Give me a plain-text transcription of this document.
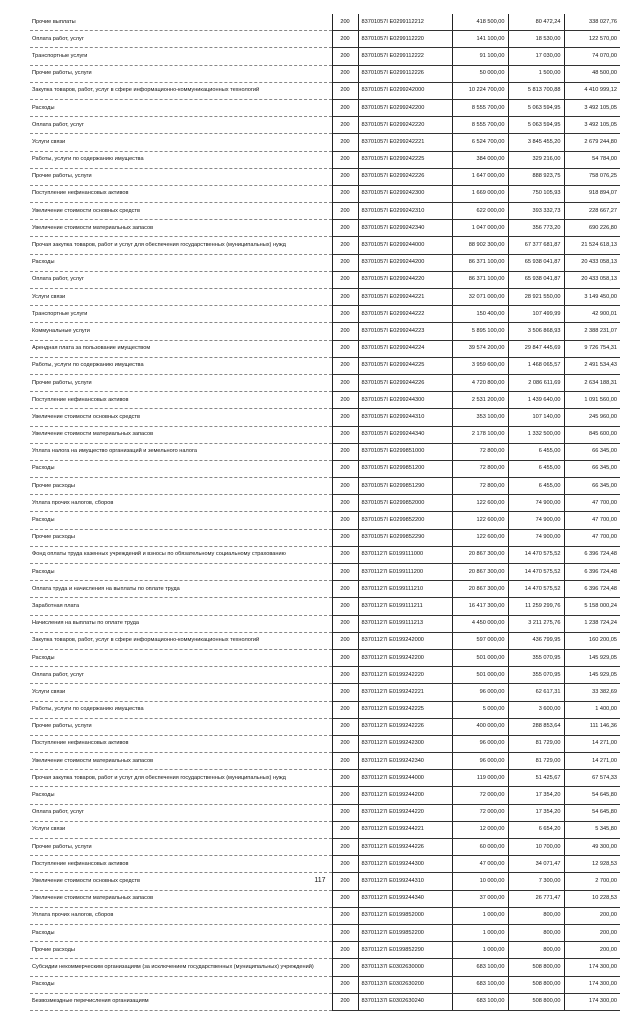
Прочие выплаты	200	83701057I E0299112212	418 500,00	80 472,24	338 027,76

Оплата работ, услуг	200	83701057I E0299112220	141 100,00	18 530,00	122 570,00

Транспортные услуги	200	83701057I E0299112222	91 100,00	17 030,00	74 070,00

Прочие работы, услуги	200	83701057I E0299112226	50 000,00	1 500,00	48 500,00

Закупка товаров, работ, услуг в сфере информационно-коммуникационных технологий	200	83701057I E0299242000	10 224 700,00	5 813 700,88	4 410 999,12

Расходы	200	83701057I E0299242200	8 555 700,00	5 063 594,95	3 492 105,05

Оплата работ, услуг	200	83701057I E0299242220	8 555 700,00	5 063 594,95	3 492 105,05

Услуги связи	200	83701057I E0299242221	6 524 700,00	3 845 455,20	2 679 244,80

Работы, услуги по содержанию имущества	200	83701057I E0299242225	384 000,00	329 216,00	54 784,00

Прочие работы, услуги	200	83701057I E0299242226	1 647 000,00	888 923,75	758 076,25

Поступление нефинансовых активов	200	83701057I E0299242300	1 669 000,00	750 105,93	918 894,07

Увеличение стоимости основных средств	200	83701057I E0299242310	622 000,00	393 332,73	228 667,27

Увеличение стоимости материальных запасов	200	83701057I E0299242340	1 047 000,00	356 773,20	690 226,80

Прочая закупка товаров, работ и услуг для обеспечения государственных (муниципальных) нужд	200	83701057I E0299244000	88 902 300,00	67 377 681,87	21 524 618,13

Расходы	200	83701057I E0299244200	86 371 100,00	65 938 041,87	20 433 058,13

Оплата работ, услуг	200	83701057I E0299244220	86 371 100,00	65 938 041,87	20 433 058,13

Услуги связи	200	83701057I E0299244221	32 071 000,00	28 921 550,00	3 149 450,00

Транспортные услуги	200	83701057I E0299244222	150 400,00	107 499,99	42 900,01

Коммунальные услуги	200	83701057I E0299244223	5 895 100,00	3 506 868,93	2 388 231,07

Арендная плата за пользование имуществом	200	83701057I E0299244224	39 574 200,00	29 847 445,69	9 726 754,31

Работы, услуги по содержанию имущества	200	83701057I E0299244225	3 959 600,00	1 468 065,57	2 491 534,43

Прочие работы, услуги	200	83701057I E0299244226	4 720 800,00	2 086 611,69	2 634 188,31

Поступление нефинансовых активов	200	83701057I E0299244300	2 531 200,00	1 439 640,00	1 091 560,00

Увеличение стоимости основных средств	200	83701057I E0299244310	353 100,00	107 140,00	245 960,00

Увеличение стоимости материальных запасов	200	83701057I E0299244340	2 178 100,00	1 332 500,00	845 600,00

Уплата налога на имущество организаций и земельного налога	200	83701057I E0299851000	72 800,00	6 455,00	66 345,00

Расходы	200	83701057I E0299851200	72 800,00	6 455,00	66 345,00

Прочие расходы	200	83701057I E0299851290	72 800,00	6 455,00	66 345,00

Уплата прочих налогов, сборов	200	83701057I E0299852000	122 600,00	74 900,00	47 700,00

Расходы	200	83701057I E0299852200	122 600,00	74 900,00	47 700,00

Прочие расходы	200	83701057I E0299852290	122 600,00	74 900,00	47 700,00

Фонд оплаты труда казенных учреждений и взносы по обязательному социальному страхованию	200	83701127I E0199111000	20 867 300,00	14 470 575,52	6 396 724,48

Расходы	200	83701127I E0199111200	20 867 300,00	14 470 575,52	6 396 724,48

Оплата труда и начисления на выплаты по оплате труда	200	83701127I E0199111210	20 867 300,00	14 470 575,52	6 396 724,48

Заработная плата	200	83701127I E0199111211	16 417 300,00	11 259 299,76	5 158 000,24

Начисления на выплаты по оплате труда	200	83701127I E0199111213	4 450 000,00	3 211 275,76	1 238 724,24

Закупка товаров, работ, услуг в сфере информационно-коммуникационных технологий	200	83701127I E0199242000	597 000,00	436 799,95	160 200,05

Расходы	200	83701127I E0199242200	501 000,00	355 070,95	145 929,05

Оплата работ, услуг	200	83701127I E0199242220	501 000,00	355 070,95	145 929,05

Услуги связи	200	83701127I E0199242221	96 000,00	62 617,31	33 382,69

Работы, услуги по содержанию имущества	200	83701127I E0199242225	5 000,00	3 600,00	1 400,00

Прочие работы, услуги	200	83701127I E0199242226	400 000,00	288 853,64	111 146,36

Поступление нефинансовых активов	200	83701127I E0199242300	96 000,00	81 729,00	14 271,00

Увеличение стоимости материальных запасов	200	83701127I E0199242340	96 000,00	81 729,00	14 271,00

Прочая закупка товаров, работ и услуг для обеспечения государственных (муниципальных) нужд	200	83701127I E0199244000	119 000,00	51 425,67	67 574,33

Расходы	200	83701127I E0199244200	72 000,00	17 354,20	54 645,80

Оплата работ, услуг	200	83701127I E0199244220	72 000,00	17 354,20	54 645,80

Услуги связи	200	83701127I E0199244221	12 000,00	6 654,20	5 345,80

Прочие работы, услуги	200	83701127I E0199244226	60 000,00	10 700,00	49 300,00

Поступление нефинансовых активов	200	83701127I E0199244300	47 000,00	34 071,47	12 928,53

Увеличение стоимости основных средств	200	83701127I E0199244310	10 000,00	7 300,00	2 700,00

Увеличение стоимости материальных запасов	200	83701127I E0199244340	37 000,00	26 771,47	10 228,53

Уплата прочих налогов, сборов	200	83701127I E0199852000	1 000,00	800,00	200,00

Расходы	200	83701127I E0199852200	1 000,00	800,00	200,00

Прочие расходы	200	83701127I E0199852290	1 000,00	800,00	200,00

Субсидии некоммерческим организациям (за исключением государственных (муниципальных) учреждений)	200	83701137I E0302630000	683 100,00	508 800,00	174 300,00

Расходы	200	83701137I E0302630200	683 100,00	508 800,00	174 300,00

Безвозмездные перечисления организациям	200	83701137I E0302630240	683 100,00	508 800,00	174 300,00
117
